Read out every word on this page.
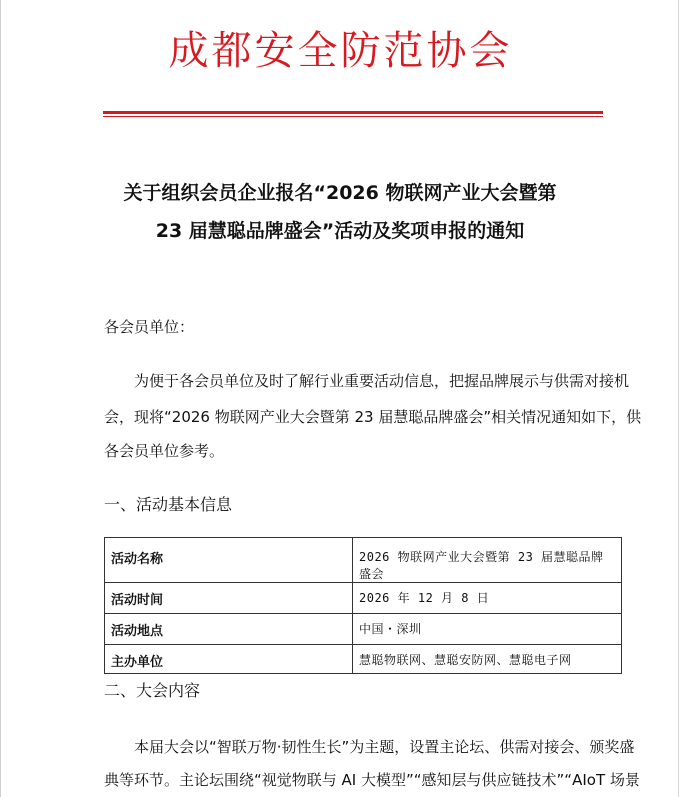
成都安全防范协会
关于组织会员企业报名“2026 物联网产业大会暨第
23 届慧聪品牌盛会”活动及奖项申报的通知
各会员单位：
为便于各会员单位及时了解行业重要活动信息，把握品牌展示与供需对接机
会，现将“2026 物联网产业大会暨第 23 届慧聪品牌盛会”相关情况通知如下，供
各会员单位参考。
一、活动基本信息
活动名称	2026 物联网产业大会暨第 23 届慧聪品牌盛会
活动时间	2026 年 12 月 8 日
活动地点	中国・深圳
主办单位	慧聪物联网、慧聪安防网、慧聪电子网
二、大会内容
本届大会以“智联万物·韧性生长”为主题，设置主论坛、供需对接会、颁奖盛
典等环节。主论坛围绕“视觉物联与 AI 大模型”“感知层与供应链技术”“AIoT 场景
